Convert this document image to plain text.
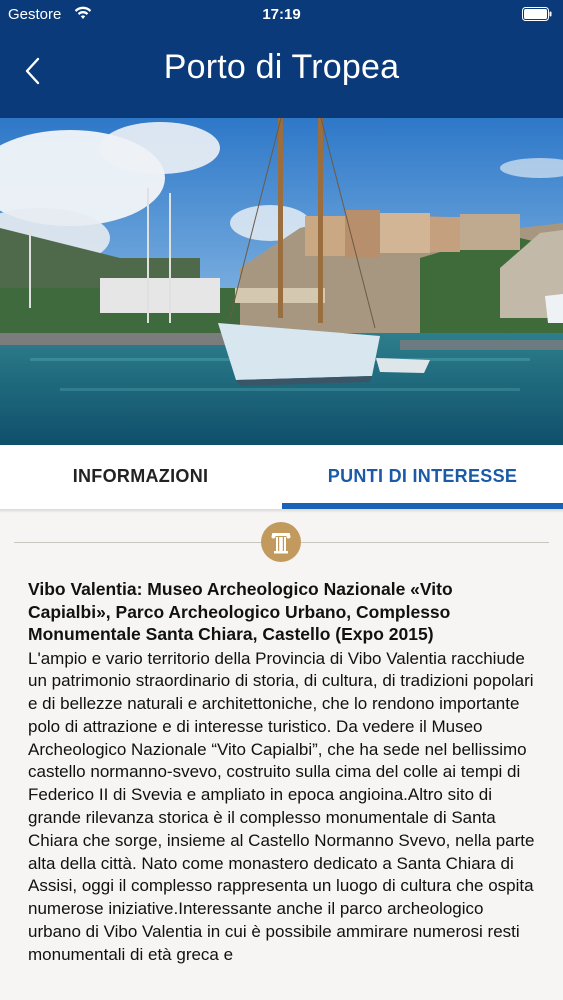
Gestore	17:19
Porto di Tropea
INFORMAZIONI	PUNTI DI INTERESSE

Vibo Valentia: Museo Archeologico Nazionale «Vito Capialbi», Parco Archeologico Urbano, Complesso Monumentale Santa Chiara, Castello (Expo 2015)

L'ampio e vario territorio della Provincia di Vibo Valentia racchiude un patrimonio straordinario di storia, di cultura, di tradizioni popolari e di bellezze naturali e architettoniche, che lo rendono importante polo di attrazione e di interesse turistico. Da vedere il Museo Archeologico Nazionale “Vito Capialbi”, che ha sede nel bellissimo castello normanno-svevo, costruito sulla cima del colle ai tempi di Federico II di Svevia e ampliato in epoca angioina.Altro sito di grande rilevanza storica è il complesso monumentale di Santa Chiara che sorge, insieme al Castello Normanno Svevo, nella parte alta della città. Nato come monastero dedicato a Santa Chiara di Assisi, oggi il complesso rappresenta un luogo di cultura che ospita numerose iniziative.Interessante anche il parco archeologico urbano di Vibo Valentia in cui è possibile ammirare numerosi resti monumentali di età greca e
